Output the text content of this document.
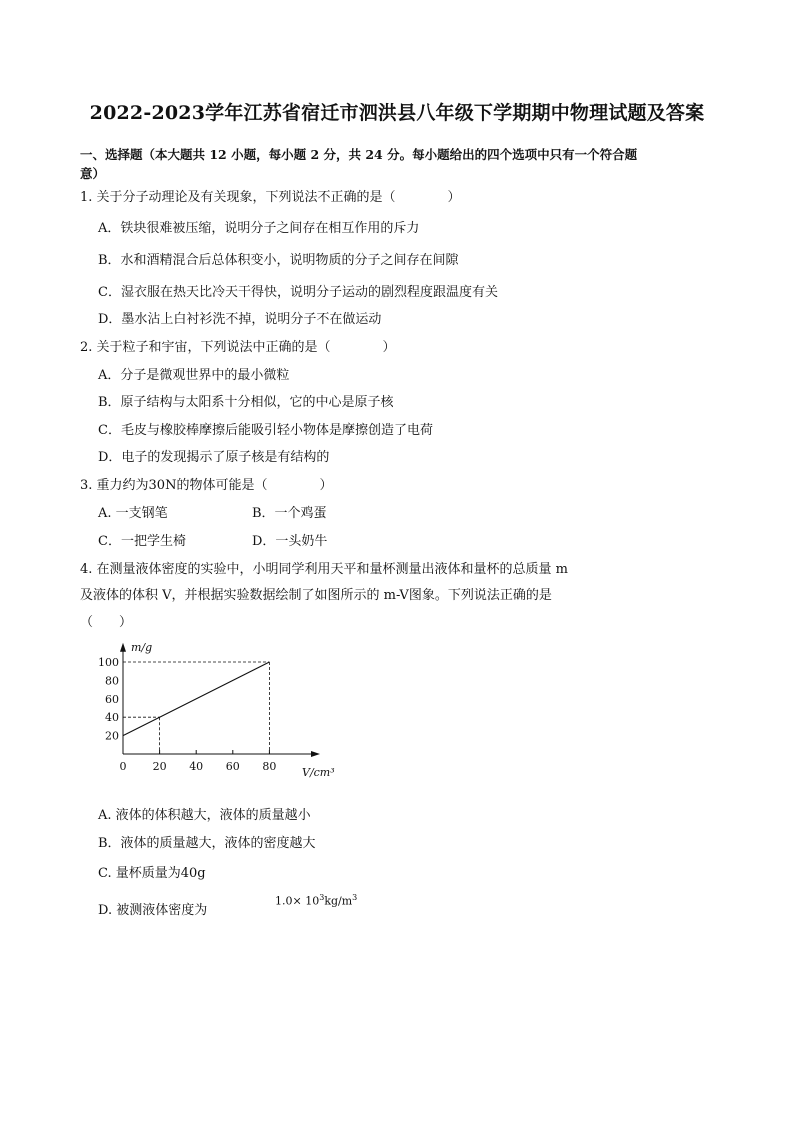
2022-2023学年江苏省宿迁市泗洪县八年级下学期期中物理试题及答案
一、选择题（本大题共 12 小题，每小题 2 分，共 24 分。每小题给出的四个选项中只有一个符合题意）
1. 关于分子动理论及有关现象，下列说法不正确的是（　　　　）
A．铁块很难被压缩，说明分子之间存在相互作用的斥力
B．水和酒精混合后总体积变小，说明物质的分子之间存在间隙
C．湿衣服在热天比冷天干得快，说明分子运动的剧烈程度跟温度有关
D．墨水沾上白衬衫洗不掉，说明分子不在做运动
2. 关于粒子和宇宙，下列说法中正确的是（　　　　）
A．分子是微观世界中的最小微粒
B．原子结构与太阳系十分相似，它的中心是原子核
C．毛皮与橡胶棒摩擦后能吸引轻小物体是摩擦创造了电荷
D．电子的发现揭示了原子核是有结构的
3. 重力约为30N的物体可能是（　　　　）
A. 一支钢笔	B．一个鸡蛋
C．一把学生椅	D．一头奶牛
4. 在测量液体密度的实验中，小明同学利用天平和量杯测量出液体和量杯的总质量 m
及液体的体积 V，并根据实验数据绘制了如图所示的 m-V图象。下列说法正确的是
（　　）
0 20 40 60 80
20
40
60
80
100
m/g
V/cm³
A. 液体的体积越大，液体的质量越小
B．液体的质量越大，液体的密度越大
C. 量杯质量为40g
D. 被测液体密度为
$1.0\times 10^3kg/m^3$
